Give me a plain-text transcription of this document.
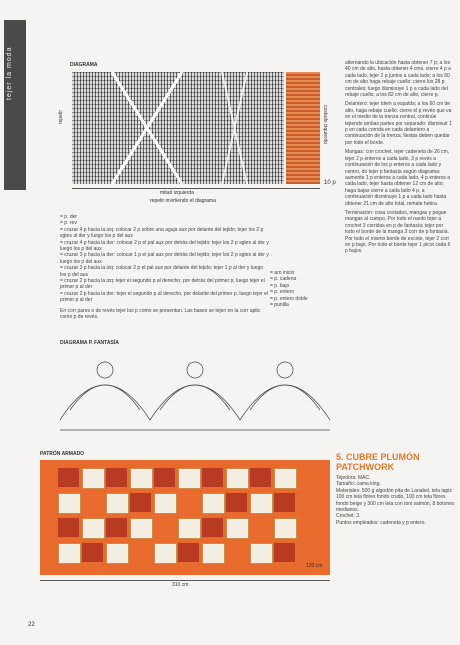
tejer la moda	DIAGRAMA
repetir	costado izquierdo
mitad izquierda
repetir invirtiendo el diagrama
10 p
= p. der
= p. rev
= cruzar 4 p hacia la izq: colocar 2 p sobre una aguja aux por delante del tejido; tejer los 2 p sgtes al der y luego los p del aux
= cruzar 4 p hacia la der: colocar 2 p el pal aux por detrás del tejido; tejer los 2 p sgtes al der y luego los p del aux
= cruzar 3 p hacia la der: colocar 1 p el pal aux por detrás del tejido; tejer los 2 p sgtes al der y luego los p del aux
= cruzar 3 p hacia la izq: colocar 2 p el pal aux por delante del tejido; tejer 1 p al der y luego los p del aux
= cruzar 2 p hacia la izq: tejer el segundo p al derecho, por detrás del primer p, luego tejer el primer p al der
= cruzar 2 p hacia la der: tejer el segundo p al derecho, por delante del primer p, luego tejer el primer p al der
En corr pares o de revés tejer los p como se presentan. Las bases se tejen en la corr aplic como p de revés.
= aro inicio
= p. cadena
= p. bajo
= p. entero
= p. entero doble
= punilla
DIAGRAMA P. FANTASÍA

alternando la ubicación hasta obtener 7 p; a los 40 cm de alto, hasta obtener 4 cms. cierre 4 p a cada lado, tejer 2 p juntos a cada lado; a los 60 cm de alto haga rebaje cuello: cierre los 28 p centrales; luego disminuye 1 p a cada lado del rebaje cuello; a los 82 cm de alto, cierre p.

Delantero: tejer ídem a espalda; a los 60 cm de alto, haga rebaje cuello: cierre el p revés que va en el medio de la trenza central, continúe tejiendo ambas partes por separado: disminuir 1 p en cada corrida en cada delantero a continuación de la trenza; llestas deben quedar por todo el borde.

Mangas: con crochet, tejer cadeneta de 26 cm, tejer 2 p enteros a cada lado, 3 p revés a continuación de los p enteros a cada lado y centro, do tejer p fantasía según diagrama: aumente 1 p enteros a cada lado, 4 p enteros a cada lado, tejer hasta obtener 12 cm de alto, haga bajas cierre a cada lado 4 p, a continuación disminuye 1 p a cada lado hasta obtener 21 cm de alto total, remate hebra.

Terminación: cosa costados, mangas y pegue mangas al cuerpo. Por todo el ruedo tejer a crochet 3 corridas en p de fantasía; tejer por todo el borde de la manga 3 corr de p fantasía. Por todo el mismo borde de escote, tejer 2 corr en p bajo. Por todo el borde tejer 1 picot cada 6 p bajos.

5. CUBRE PLUMÓN PATCHWORK
Tejedora: MAC.
Tamaño: cama king.
Materiales: 500 g algodón pita de Lanabel, tela tapiz 100 cm tela flores fondo crudo, 100 cm tela flores fondo beige y 300 cm tela con toni salmón, 8 botones medianos.
Crochet: 3.
Puntos empleados: cadeneta y p entero.
PATRÓN ARMADO
310 cm
120 cm
22
